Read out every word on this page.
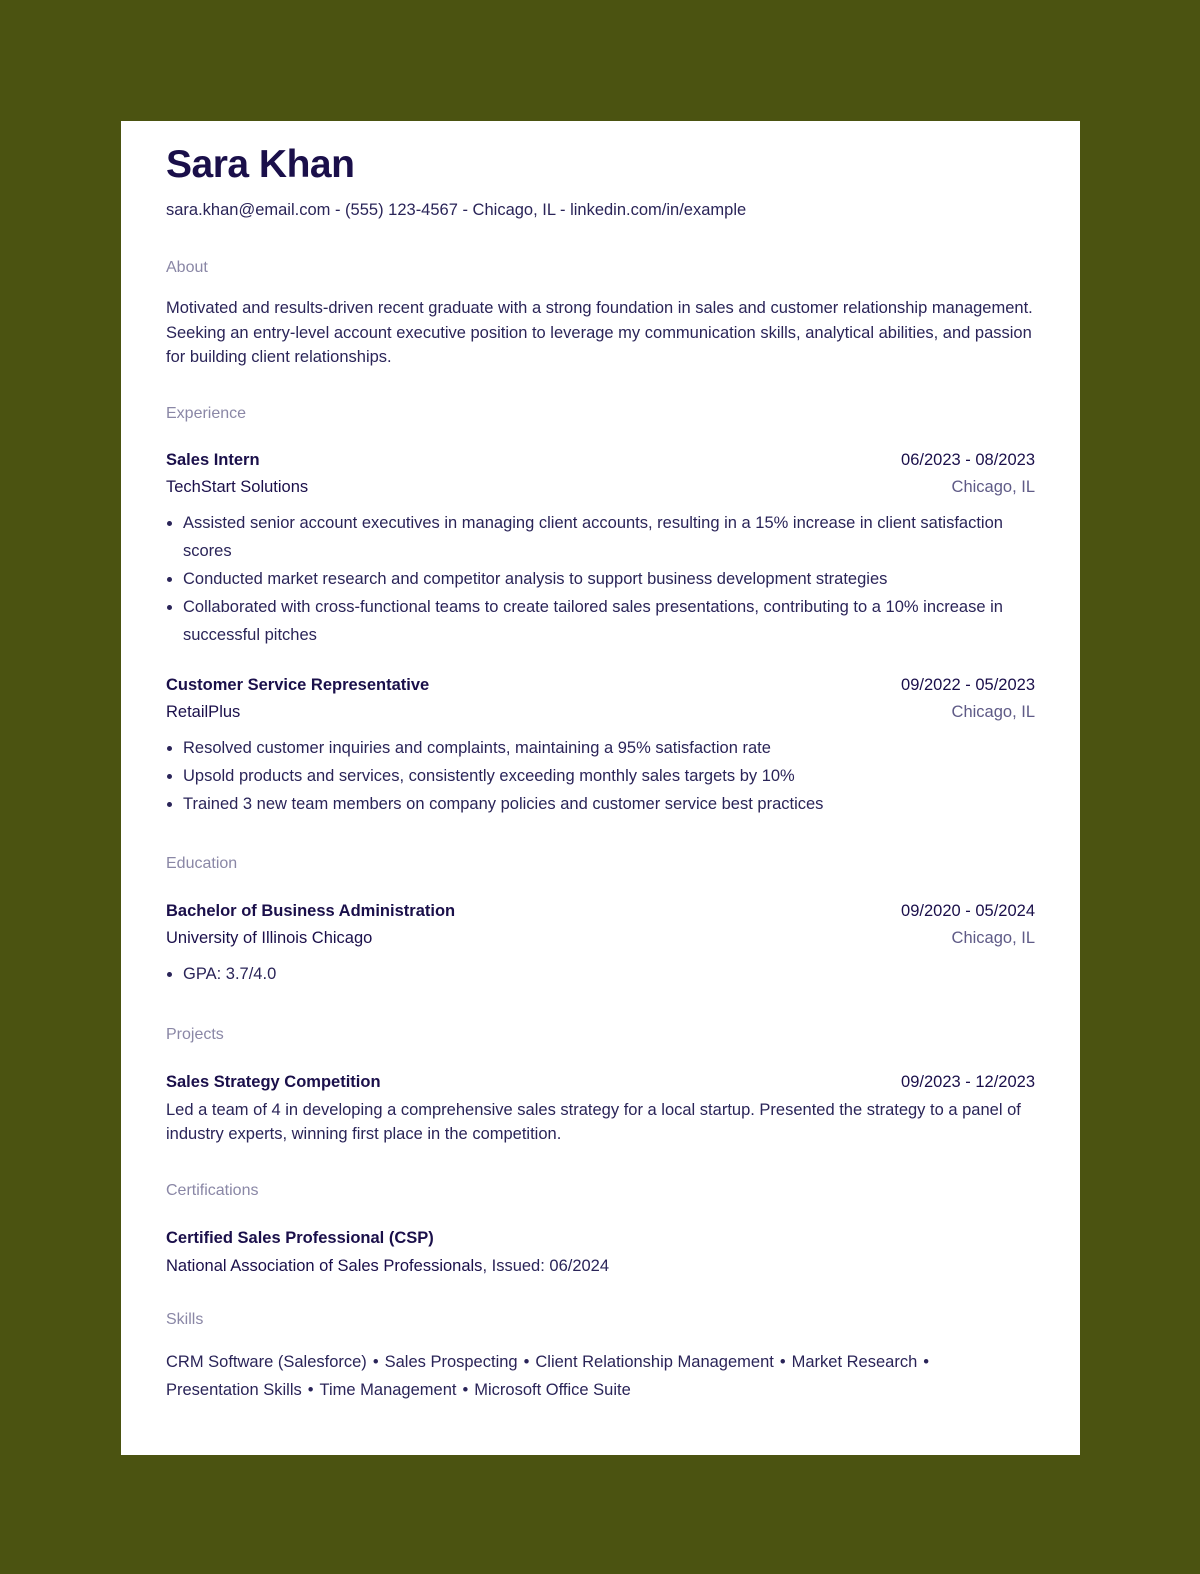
Sara Khan
sara.khan@email.com - (555) 123-4567 - Chicago, IL - linkedin.com/in/example
About
Motivated and results-driven recent graduate with a strong foundation in sales and customer relationship management. Seeking an entry-level account executive position to leverage my communication skills, analytical abilities, and passion for building client relationships.
Experience
Sales Intern	06/2023 - 08/2023
TechStart Solutions	Chicago, IL
• Assisted senior account executives in managing client accounts, resulting in a 15% increase in client satisfaction scores
• Conducted market research and competitor analysis to support business development strategies
• Collaborated with cross-functional teams to create tailored sales presentations, contributing to a 10% increase in successful pitches
Customer Service Representative	09/2022 - 05/2023
RetailPlus	Chicago, IL
• Resolved customer inquiries and complaints, maintaining a 95% satisfaction rate
• Upsold products and services, consistently exceeding monthly sales targets by 10%
• Trained 3 new team members on company policies and customer service best practices
Education
Bachelor of Business Administration	09/2020 - 05/2024
University of Illinois Chicago	Chicago, IL
• GPA: 3.7/4.0
Projects
Sales Strategy Competition	09/2023 - 12/2023
Led a team of 4 in developing a comprehensive sales strategy for a local startup. Presented the strategy to a panel of industry experts, winning first place in the competition.
Certifications
Certified Sales Professional (CSP)
National Association of Sales Professionals , Issued: 06/2024
Skills
CRM Software (Salesforce) • Sales Prospecting • Client Relationship Management • Market Research •
Presentation Skills • Time Management • Microsoft Office Suite
